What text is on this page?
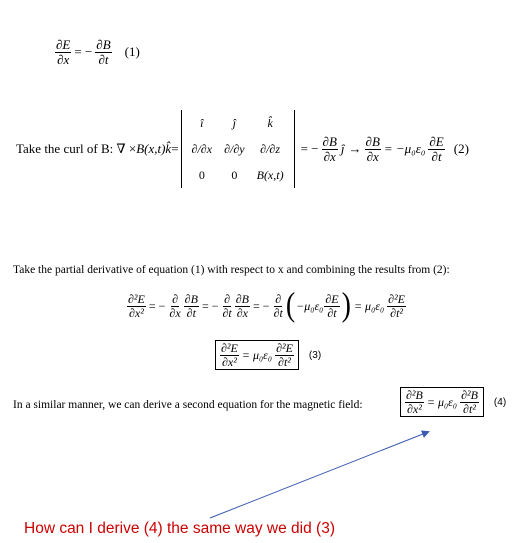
$\frac{\partial E}{\partial x}$ = − $\frac{\partial B}{\partial t} (1)$
Take the curl of B: ∇ × B(x,t)k̂ =
î	ĵ	k̂
∂/∂x	∂/∂y	∂/∂z
0	0	B(x,t)
= − $\frac{\partial B}{\partial x}$ ĵ → $\frac{\partial B}{\partial x} = -\mu_0\varepsilon_0 \frac{\partial E}{\partial t} (2)$
Take the partial derivative of equation (1) with respect to x and combining the results from (2):
$\frac{\text{∂²E}}{\text{∂x²}}$ = − $\frac{\partial}{\partial x} \frac{\partial B}{\partial t}$ = − $\frac{\partial}{\partial t} \frac{\partial B}{\partial x}$ = − $\frac{\partial}{\partial t}$ ( $-\mu_0\varepsilon_0 \frac{\partial E}{\partial t}$ ) = $\mu_0\varepsilon_0 \frac{\text{∂²E}}{\text{∂t²}}$
$\frac{\text{∂²E}}{\text{∂x²}} = \mu_0\varepsilon_0 \frac{\text{∂²E}}{\text{∂t²}} (3)$
In a similar manner, we can derive a second equation for the magnetic field:	$\frac{\text{∂²B}}{\text{∂x²}} = \mu_0\varepsilon_0 \frac{\text{∂²B}}{\text{∂t²}} (4)$
How can I derive (4) the same way we did (3)
